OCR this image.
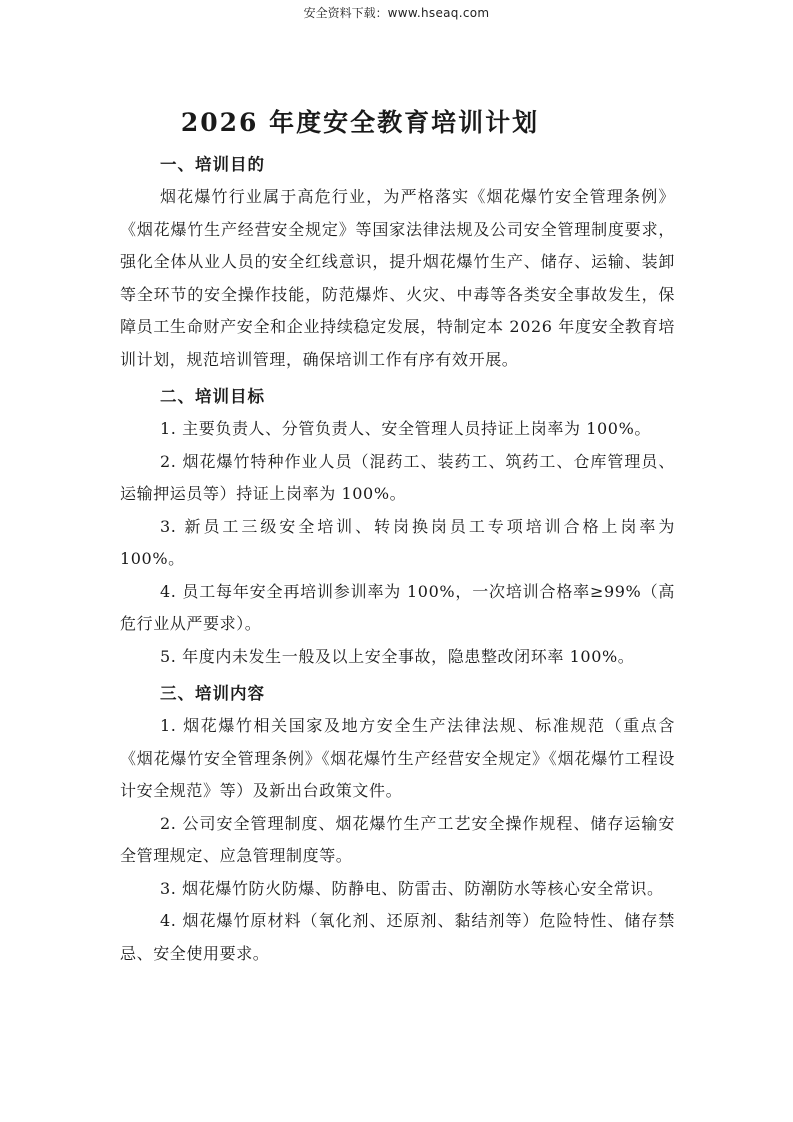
安全资料下载：www.hseaq.com
2026 年度安全教育培训计划
一、培训目的

烟花爆竹行业属于高危行业，为严格落实《烟花爆竹安全管理条例》《烟花爆竹生产经营安全规定》等国家法律法规及公司安全管理制度要求，强化全体从业人员的安全红线意识，提升烟花爆竹生产、储存、运输、装卸等全环节的安全操作技能，防范爆炸、火灾、中毒等各类安全事故发生，保障员工生命财产安全和企业持续稳定发展，特制定本 2026 年度安全教育培训计划，规范培训管理，确保培训工作有序有效开展。

二、培训目标

1. 主要负责人、分管负责人、安全管理人员持证上岗率为 100%。

2. 烟花爆竹特种作业人员（混药工、装药工、筑药工、仓库管理员、运输押运员等）持证上岗率为 100%。

3. 新员工三级安全培训、转岗换岗员工专项培训合格上岗率为 100%。

4. 员工每年安全再培训参训率为 100%，一次培训合格率≥99%（高危行业从严要求）。

5. 年度内未发生一般及以上安全事故，隐患整改闭环率 100%。

三、培训内容

1. 烟花爆竹相关国家及地方安全生产法律法规、标准规范（重点含《烟花爆竹安全管理条例》《烟花爆竹生产经营安全规定》《烟花爆竹工程设计安全规范》等）及新出台政策文件。

2. 公司安全管理制度、烟花爆竹生产工艺安全操作规程、储存运输安全管理规定、应急管理制度等。

3. 烟花爆竹防火防爆、防静电、防雷击、防潮防水等核心安全常识。

4. 烟花爆竹原材料（氧化剂、还原剂、黏结剂等）危险特性、储存禁忌、安全使用要求。
